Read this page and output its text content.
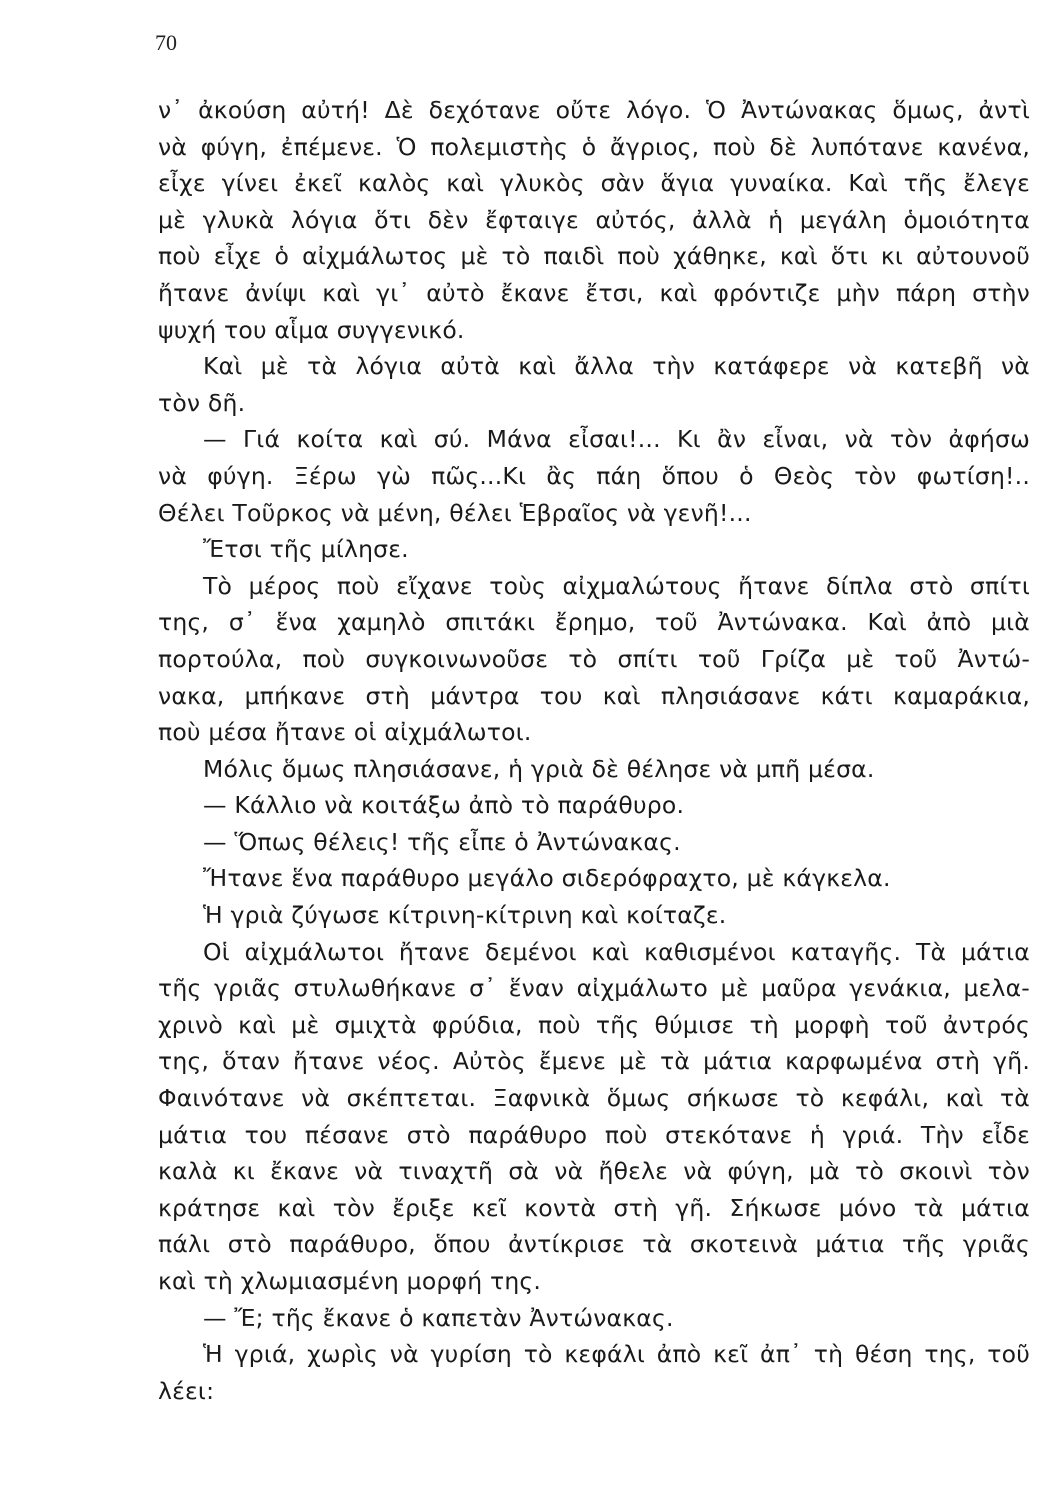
70
ν᾿ ἀκούση αὐτή! Δὲ δεχότανε οὔτε λόγο. Ὁ Ἀντώνακας ὅμως, ἀντὶ
νὰ φύγη, ἐπέμενε. Ὁ πολεμιστὴς ὁ ἄγριος, ποὺ δὲ λυπότανε κανένα,
εἶχε γίνει ἐκεῖ καλὸς καὶ γλυκὸς σὰν ἅγια γυναίκα. Καὶ τῆς ἔλεγε
μὲ γλυκὰ λόγια ὅτι δὲν ἔφταιγε αὐτός, ἀλλὰ ἡ μεγάλη ὁμοιότητα
ποὺ εἶχε ὁ αἰχμάλωτος μὲ τὸ παιδὶ ποὺ χάθηκε, καὶ ὅτι κι αὐτουνοῦ
ἤτανε ἀνίψι καὶ γι᾿ αὐτὸ ἔκανε ἔτσι, καὶ φρόντιζε μὴν πάρη στὴν
ψυχή του αἷμα συγγενικό.
Καὶ μὲ τὰ λόγια αὐτὰ καὶ ἄλλα τὴν κατάφερε νὰ κατεβῆ νὰ
τὸν δῆ.
— Γιά κοίτα καὶ σύ. Μάνα εἶσαι!... Κι ἂν εἶναι, νὰ τὸν ἀφήσω
νὰ φύγη. Ξέρω γὼ πῶς...Κι ἂς πάη ὅπου ὁ Θεὸς τὸν φωτίση!..
Θέλει Τοῦρκος νὰ μένη, θέλει Ἑβραῖος νὰ γενῆ!...
Ἔτσι τῆς μίλησε.
Τὸ μέρος ποὺ εἴχανε τοὺς αἰχμαλώτους ἤτανε δίπλα στὸ σπίτι
της, σ᾿ ἕνα χαμηλὸ σπιτάκι ἔρημο, τοῦ Ἀντώνακα. Καὶ ἀπὸ μιὰ
πορτούλα, ποὺ συγκοινωνοῦσε τὸ σπίτι τοῦ Γρίζα μὲ τοῦ Ἀντώ-
νακα, μπήκανε στὴ μάντρα του καὶ πλησιάσανε κάτι καμαράκια,
ποὺ μέσα ἤτανε οἱ αἰχμάλωτοι.
Μόλις ὅμως πλησιάσανε, ἡ γριὰ δὲ θέλησε νὰ μπῆ μέσα.
— Κάλλιο νὰ κοιτάξω ἀπὸ τὸ παράθυρο.
— Ὅπως θέλεις! τῆς εἶπε ὁ Ἀντώνακας.
Ἤτανε ἕνα παράθυρο μεγάλο σιδερόφραχτο, μὲ κάγκελα.
Ἡ γριὰ ζύγωσε κίτρινη-κίτρινη καὶ κοίταζε.
Οἱ αἰχμάλωτοι ἤτανε δεμένοι καὶ καθισμένοι καταγῆς. Τὰ μάτια
τῆς γριᾶς στυλωθήκανε σ᾿ ἕναν αἰχμάλωτο μὲ μαῦρα γενάκια, μελα-
χρινὸ καὶ μὲ σμιχτὰ φρύδια, ποὺ τῆς θύμισε τὴ μορφὴ τοῦ ἀντρός
της, ὅταν ἤτανε νέος. Αὐτὸς ἔμενε μὲ τὰ μάτια καρφωμένα στὴ γῆ.
Φαινότανε νὰ σκέπτεται. Ξαφνικὰ ὅμως σήκωσε τὸ κεφάλι, καὶ τὰ
μάτια του πέσανε στὸ παράθυρο ποὺ στεκότανε ἡ γριά. Τὴν εἶδε
καλὰ κι ἔκανε νὰ τιναχτῆ σὰ νὰ ἤθελε νὰ φύγη, μὰ τὸ σκοινὶ τὸν
κράτησε καὶ τὸν ἔριξε κεῖ κοντὰ στὴ γῆ. Σήκωσε μόνο τὰ μάτια
πάλι στὸ παράθυρο, ὅπου ἀντίκρισε τὰ σκοτεινὰ μάτια τῆς γριᾶς
καὶ τὴ χλωμιασμένη μορφή της.
— Ἔ; τῆς ἔκανε ὁ καπετὰν Ἀντώνακας.
Ἡ γριά, χωρὶς νὰ γυρίση τὸ κεφάλι ἀπὸ κεῖ ἀπ᾿ τὴ θέση της, τοῦ
λέει:
